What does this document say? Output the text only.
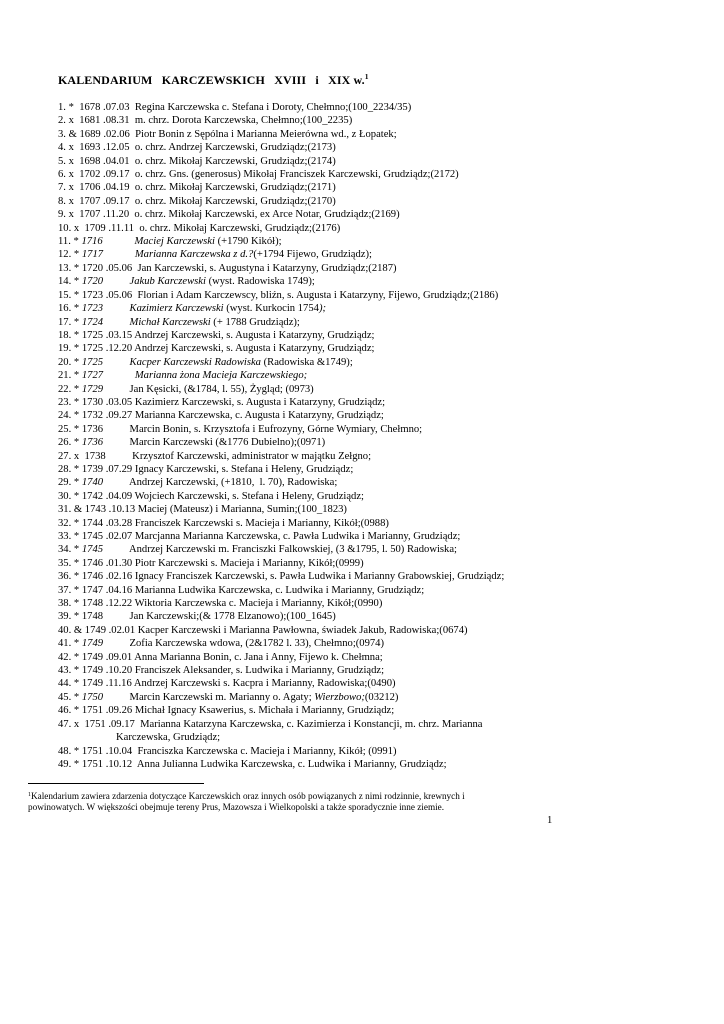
KALENDARIUM   KARCZEWSKICH   XVIII   i   XIX w.$^1$
1. *  1678 .07.03  Regina Karczewska c. Stefana i Doroty, Chełmno;(100_2234/35)
2. x  1681 .08.31  m. chrz. Dorota Karczewska, Chełmno;(100_2235)
3. & 1689 .02.06  Piotr Bonin z Sępólna i Marianna Meierówna wd., z Łopatek;
4. x  1693 .12.05  o. chrz. Andrzej Karczewski, Grudziądz;(2173)
5. x  1698 .04.01  o. chrz. Mikołaj Karczewski, Grudziądz;(2174)
6. x  1702 .09.17  o. chrz. Gns. (generosus) Mikołaj Franciszek Karczewski, Grudziądz;(2172)
7. x  1706 .04.19  o. chrz. Mikołaj Karczewski, Grudziądz;(2171)
8. x  1707 .09.17  o. chrz. Mikołaj Karczewski, Grudziądz;(2170)
9. x  1707 .11.20  o. chrz. Mikołaj Karczewski, ex Arce Notar, Grudziądz;(2169)
10. x  1709 .11.11  o. chrz. Mikołaj Karczewski, Grudziądz;(2176)
11. * 1716            Maciej Karczewski (+1790 Kikół);
12. * 1717            Marianna Karczewska z d.?(+1794 Fijewo, Grudziądz);
13. * 1720 .05.06  Jan Karczewski, s. Augustyna i Katarzyny, Grudziądz;(2187)
14. * 1720          Jakub Karczewski (wyst. Radowiska 1749);
15. * 1723 .05.06  Florian i Adam Karczewscy, bliźn, s. Augusta i Katarzyny, Fijewo, Grudziądz;(2186)
16. * 1723          Kazimierz Karczewski (wyst. Kurkocin 1754);
17. * 1724          Michał Karczewski (+ 1788 Grudziądz);
18. * 1725 .03.15 Andrzej Karczewski, s. Augusta i Katarzyny, Grudziądz;
19. * 1725 .12.20 Andrzej Karczewski, s. Augusta i Katarzyny, Grudziądz;
20. * 1725          Kacper Karczewski Radowiska (Radowiska &1749);
21. * 1727            Marianna żona Macieja Karczewskiego;
22. * 1729          Jan Kęsicki, (&1784, l. 55), Żygląd; (0973)
23. * 1730 .03.05 Kazimierz Karczewski, s. Augusta i Katarzyny, Grudziądz;
24. * 1732 .09.27 Marianna Karczewska, c. Augusta i Katarzyny, Grudziądz;
25. * 1736          Marcin Bonin, s. Krzysztofa i Eufrozyny, Górne Wymiary, Chełmno;
26. * 1736          Marcin Karczewski (&1776 Dubielno);(0971)
27. x  1738          Krzysztof Karczewski, administrator w majątku Zełgno;
28. * 1739 .07.29 Ignacy Karczewski, s. Stefana i Heleny, Grudziądz;
29. * 1740          Andrzej Karczewski, (+1810,  l. 70), Radowiska;
30. * 1742 .04.09 Wojciech Karczewski, s. Stefana i Heleny, Grudziądz;
31. & 1743 .10.13 Maciej (Mateusz) i Marianna, Sumin;(100_1823)
32. * 1744 .03.28 Franciszek Karczewski s. Macieja i Marianny, Kikół;(0988)
33. * 1745 .02.07 Marcjanna Marianna Karczewska, c. Pawła Ludwika i Marianny, Grudziądz;
34. * 1745          Andrzej Karczewski m. Franciszki Falkowskiej, (3 &1795, l. 50) Radowiska;
35. * 1746 .01.30 Piotr Karczewski s. Macieja i Marianny, Kikół;(0999)
36. * 1746 .02.16 Ignacy Franciszek Karczewski, s. Pawła Ludwika i Marianny Grabowskiej, Grudziądz;
37. * 1747 .04.16 Marianna Ludwika Karczewska, c. Ludwika i Marianny, Grudziądz;
38. * 1748 .12.22 Wiktoria Karczewska c. Macieja i Marianny, Kikół;(0990)
39. * 1748          Jan Karczewski;(& 1778 Elzanowo);(100_1645)
40. & 1749 .02.01 Kacper Karczewski i Marianna Pawłowna, świadek Jakub, Radowiska;(0674)
41. * 1749          Zofia Karczewska wdowa, (2&1782 l. 33), Chełmno;(0974)
42. * 1749 .09.01 Anna Marianna Bonin, c. Jana i Anny, Fijewo k. Chełmna;
43. * 1749 .10.20 Franciszek Aleksander, s. Ludwika i Marianny, Grudziądz;
44. * 1749 .11.16 Andrzej Karczewski s. Kacpra i Marianny, Radowiska;(0490)
45. * 1750          Marcin Karczewski m. Marianny o. Agaty; Wierzbowo;(03212)
46. * 1751 .09.26 Michał Ignacy Ksawerius, s. Michała i Marianny, Grudziądz;
47. x  1751 .09.17  Marianna Katarzyna Karczewska, c. Kazimierza i Konstancji, m. chrz. Marianna
Karczewska, Grudziądz;
48. * 1751 .10.04  Franciszka Karczewska c. Macieja i Marianny, Kikół; (0991)
49. * 1751 .10.12  Anna Julianna Ludwika Karczewska, c. Ludwika i Marianny, Grudziądz;
$^1$Kalendarium zawiera zdarzenia dotyczące Karczewskich oraz innych osób powiązanych z nimi rodzinnie, krewnych i
powinowatych. W większości obejmuje tereny Prus, Mazowsza i Wielkopolski a także sporadycznie inne ziemie.
1
